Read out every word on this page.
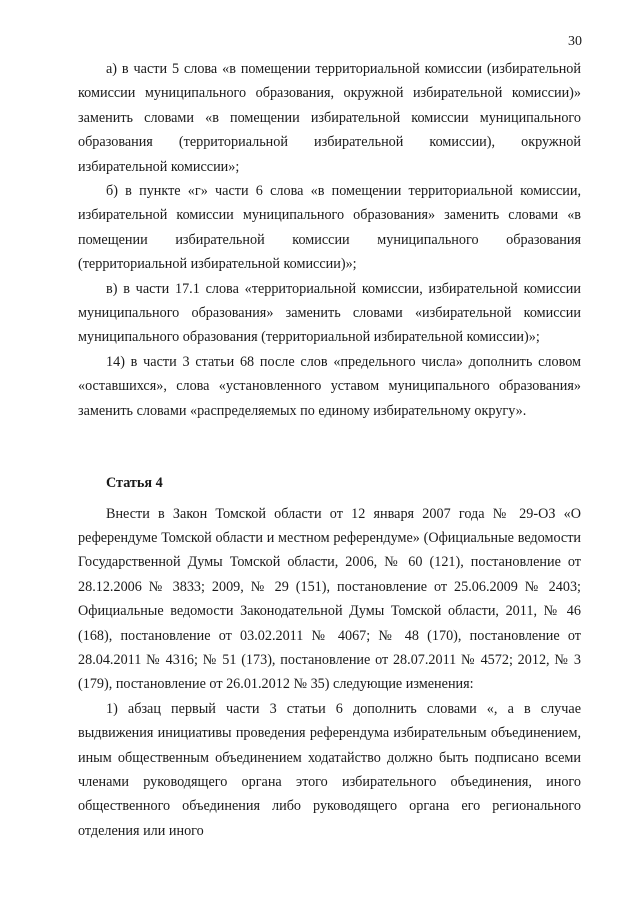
30

а) в части 5 слова «в помещении территориальной комиссии (избирательной комиссии муниципального образования, окружной избирательной комиссии)» заменить словами «в помещении избирательной комиссии муниципального образования (территориальной избирательной комиссии), окружной избирательной комиссии»;

б) в пункте «г» части 6 слова «в помещении территориальной комиссии, избирательной комиссии муниципального образования» заменить словами «в помещении избирательной комиссии муниципального образования (территориальной избирательной комиссии)»;

в) в части 17.1 слова «территориальной комиссии, избирательной комиссии муниципального образования» заменить словами «избирательной комиссии муниципального образования (территориальной избирательной комиссии)»;

14) в части 3 статьи 68 после слов «предельного числа» дополнить словом «оставшихся», слова «установленного уставом муниципального образования» заменить словами «распределяемых по единому избирательному округу».

Статья 4

Внести в Закон Томской области от 12 января 2007 года № 29-ОЗ «О референдуме Томской области и местном референдуме» (Официальные ведомости Государственной Думы Томской области, 2006, № 60 (121), постановление от 28.12.2006 № 3833; 2009, № 29 (151), постановление от 25.06.2009 № 2403; Официальные ведомости Законодательной Думы Томской области, 2011, № 46 (168), постановление от 03.02.2011 № 4067; № 48 (170), постановление от 28.04.2011 № 4316; № 51 (173), постановление от 28.07.2011 № 4572; 2012, № 3 (179), постановление от 26.01.2012 № 35) следующие изменения:

1) абзац первый части 3 статьи 6 дополнить словами «, а в случае выдвижения инициативы проведения референдума избирательным объединением, иным общественным объединением ходатайство должно быть подписано всеми членами руководящего органа этого избирательного объединения, иного общественного объединения либо руководящего органа его регионального отделения или иного
